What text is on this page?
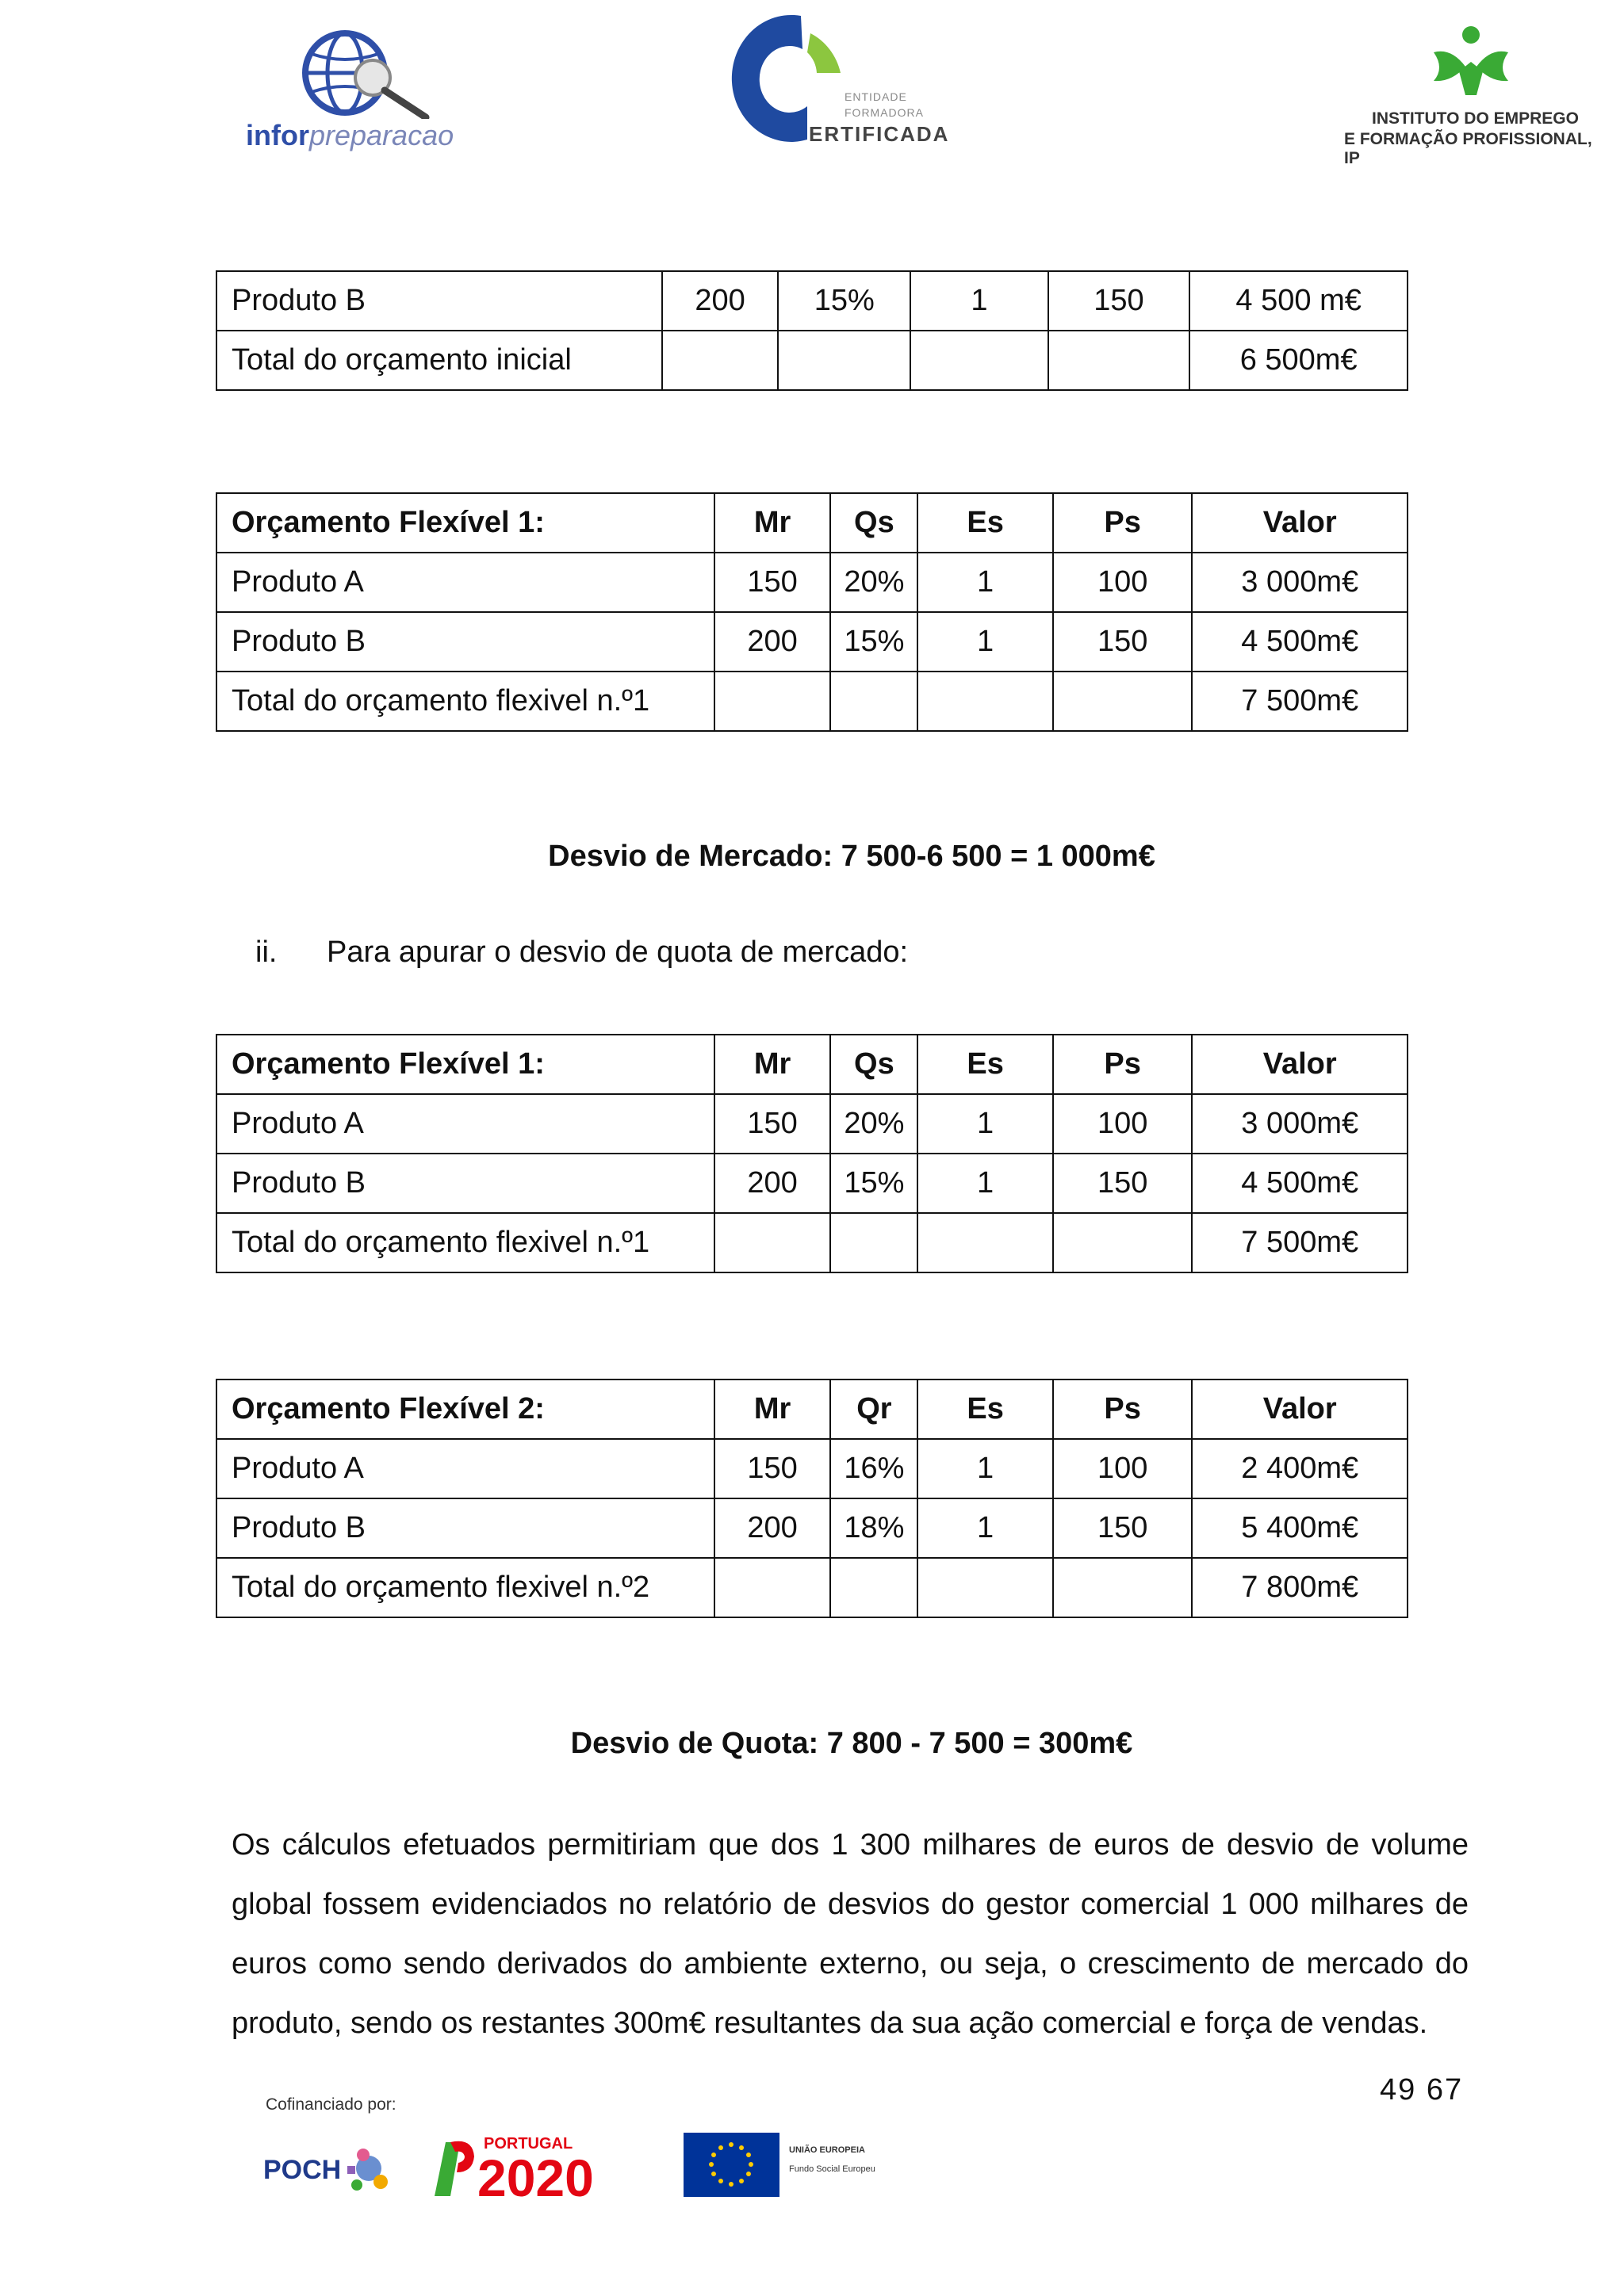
inforpreparacao
DGERT
ENTIDADE
FORMADORA
ERTIFICADA
INSTITUTO DO EMPREGO
E FORMAÇÃO PROFISSIONAL, IP
Produto B	200	15%	1	150	4 500 m€
Total do orçamento inicial					6 500m€
Orçamento Flexível 1:	Mr	Qs	Es	Ps	Valor
Produto A	150	20%	1	100	3 000m€
Produto B	200	15%	1	150	4 500m€
Total do orçamento flexivel n.º1					7 500m€
Desvio de Mercado: 7 500-6 500 = 1 000m€
ii. Para apurar o desvio de quota de mercado:
Orçamento Flexível 1:	Mr	Qs	Es	Ps	Valor
Produto A	150	20%	1	100	3 000m€
Produto B	200	15%	1	150	4 500m€
Total do orçamento flexivel n.º1					7 500m€
Orçamento Flexível 2:	Mr	Qr	Es	Ps	Valor
Produto A	150	16%	1	100	2 400m€
Produto B	200	18%	1	150	5 400m€
Total do orçamento flexivel n.º2					7 800m€
Desvio de Quota: 7 800 - 7 500 = 300m€
Os cálculos efetuados permitiriam que dos 1 300 milhares de euros de desvio de volume global fossem evidenciados no relatório de desvios do gestor comercial 1 000 milhares de euros como sendo derivados do ambiente externo, ou seja, o crescimento de mercado do produto, sendo os restantes 300m€ resultantes da sua ação comercial e força de vendas.
49 67
Cofinanciado por:
POCH
PORTUGAL
2020	UNIÃO EUROPEIA
Fundo Social Europeu
